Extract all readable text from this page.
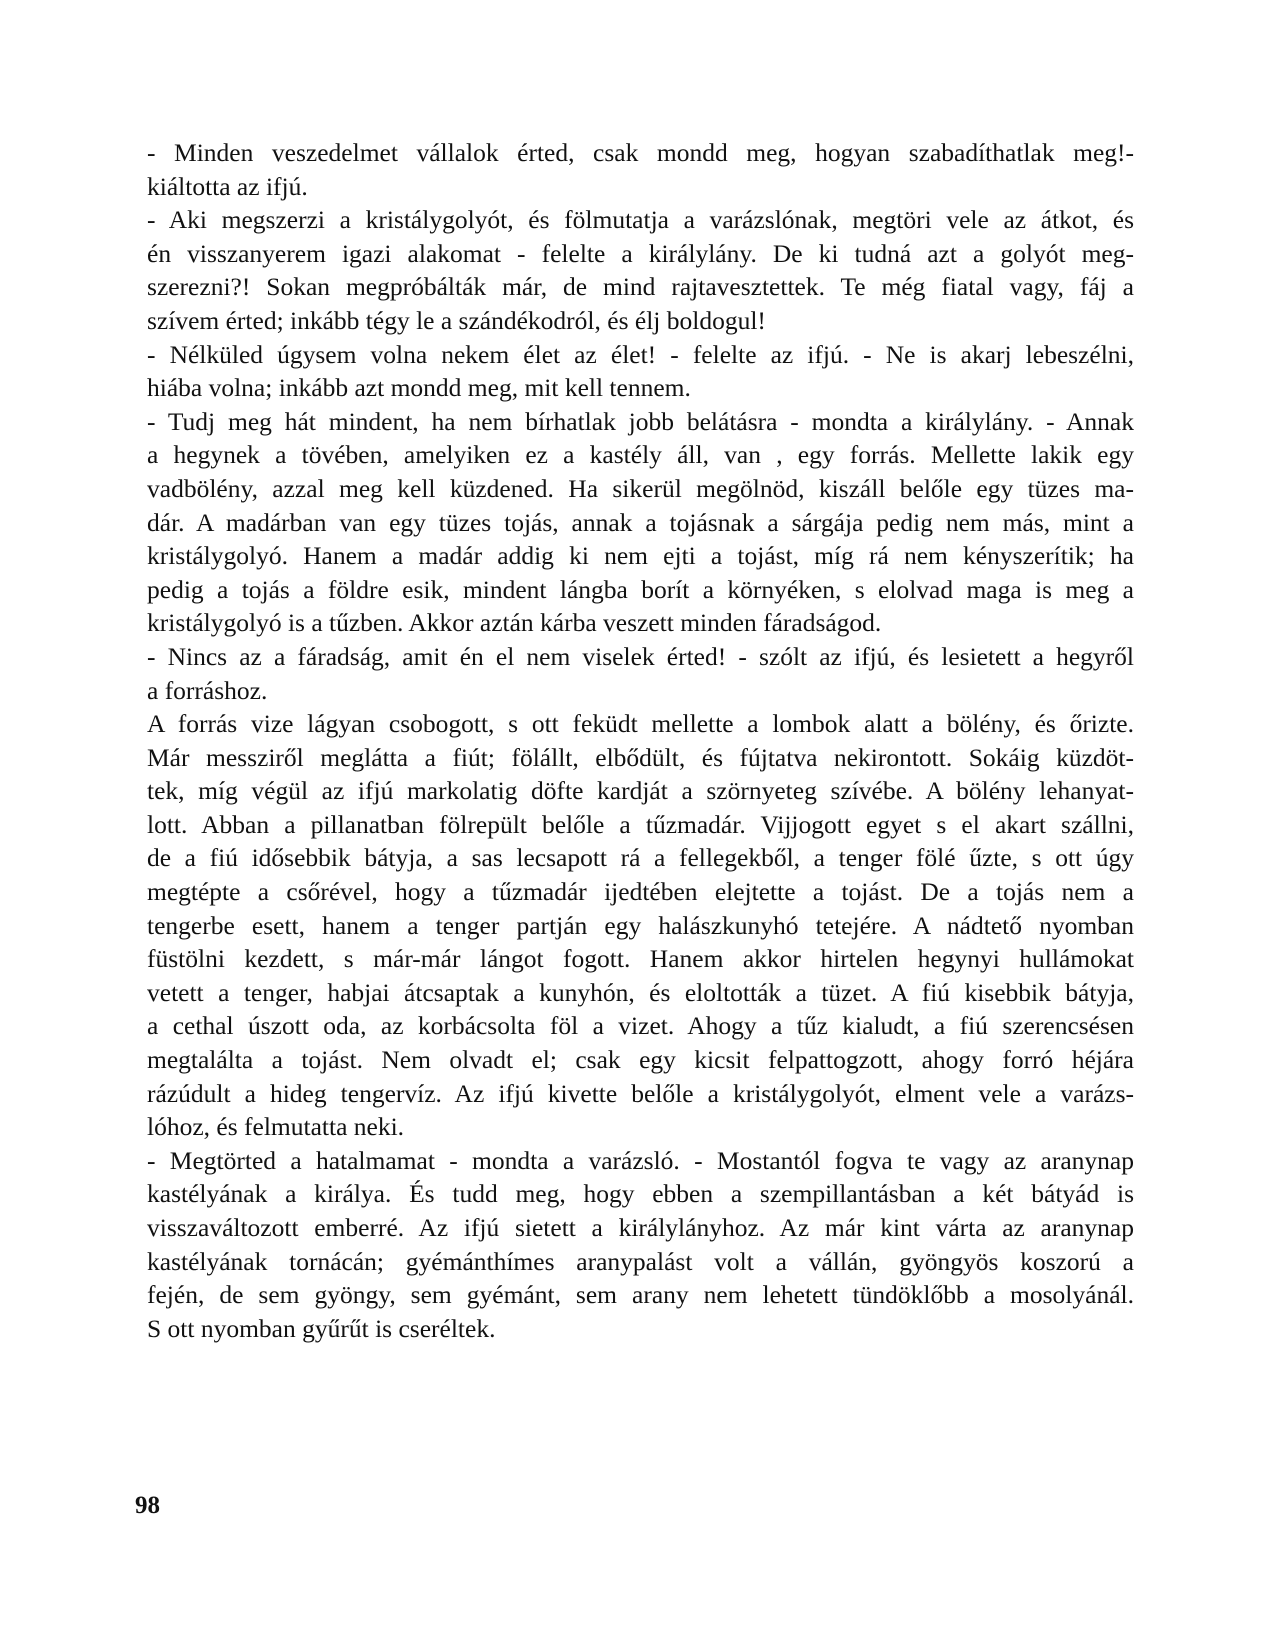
- Minden veszedelmet vállalok érted, csak mondd meg, hogyan szabadíthatlak meg!-
kiáltotta az ifjú.
- Aki megszerzi a kristálygolyót, és fölmutatja a varázslónak, megtöri vele az átkot, és
én visszanyerem igazi alakomat - felelte a királylány. De ki tudná azt a golyót meg-
szerezni?! Sokan megpróbálták már, de mind rajtavesztettek. Te még fiatal vagy, fáj a
szívem érted; inkább tégy le a szándékodról, és élj boldogul!
- Nélküled úgysem volna nekem élet az élet! - felelte az ifjú. - Ne is akarj lebeszélni,
hiába volna; inkább azt mondd meg, mit kell tennem.
- Tudj meg hát mindent, ha nem bírhatlak jobb belátásra - mondta a királylány. - Annak
a hegynek a tövében, amelyiken ez a kastély áll, van , egy forrás. Mellette lakik egy
vadbölény, azzal meg kell küzdened. Ha sikerül megölnöd, kiszáll belőle egy tüzes ma-
dár. A madárban van egy tüzes tojás, annak a tojásnak a sárgája pedig nem más, mint a
kristálygolyó. Hanem a madár addig ki nem ejti a tojást, míg rá nem kényszerítik; ha
pedig a tojás a földre esik, mindent lángba borít a környéken, s elolvad maga is meg a
kristálygolyó is a tűzben. Akkor aztán kárba veszett minden fáradságod.
- Nincs az a fáradság, amit én el nem viselek érted! - szólt az ifjú, és lesietett a hegyről
a forráshoz.
A forrás vize lágyan csobogott, s ott feküdt mellette a lombok alatt a bölény, és őrizte.
Már messziről meglátta a fiút; fölállt, elbődült, és fújtatva nekirontott. Sokáig küzdöt-
tek, míg végül az ifjú markolatig döfte kardját a szörnyeteg szívébe. A bölény lehanyat-
lott. Abban a pillanatban fölrepült belőle a tűzmadár. Vijjogott egyet s el akart szállni,
de a fiú idősebbik bátyja, a sas lecsapott rá a fellegekből, a tenger fölé űzte, s ott úgy
megtépte a csőrével, hogy a tűzmadár ijedtében elejtette a tojást. De a tojás nem a
tengerbe esett, hanem a tenger partján egy halászkunyhó tetejére. A nádtető nyomban
füstölni kezdett, s már-már lángot fogott. Hanem akkor hirtelen hegynyi hullámokat
vetett a tenger, habjai átcsaptak a kunyhón, és eloltották a tüzet. A fiú kisebbik bátyja,
a cethal úszott oda, az korbácsolta föl a vizet. Ahogy a tűz kialudt, a fiú szerencsésen
megtalálta a tojást. Nem olvadt el; csak egy kicsit felpattogzott, ahogy forró héjára
rázúdult a hideg tengervíz. Az ifjú kivette belőle a kristálygolyót, elment vele a varázs-
lóhoz, és felmutatta neki.
- Megtörted a hatalmamat - mondta a varázsló. - Mostantól fogva te vagy az aranynap
kastélyának a királya. És tudd meg, hogy ebben a szempillantásban a két bátyád is
visszaváltozott emberré. Az ifjú sietett a királylányhoz. Az már kint várta az aranynap
kastélyának tornácán; gyémánthímes aranypalást volt a vállán, gyöngyös koszorú a
fején, de sem gyöngy, sem gyémánt, sem arany nem lehetett tündöklőbb a mosolyánál.
S ott nyomban gyűrűt is cseréltek.
98
